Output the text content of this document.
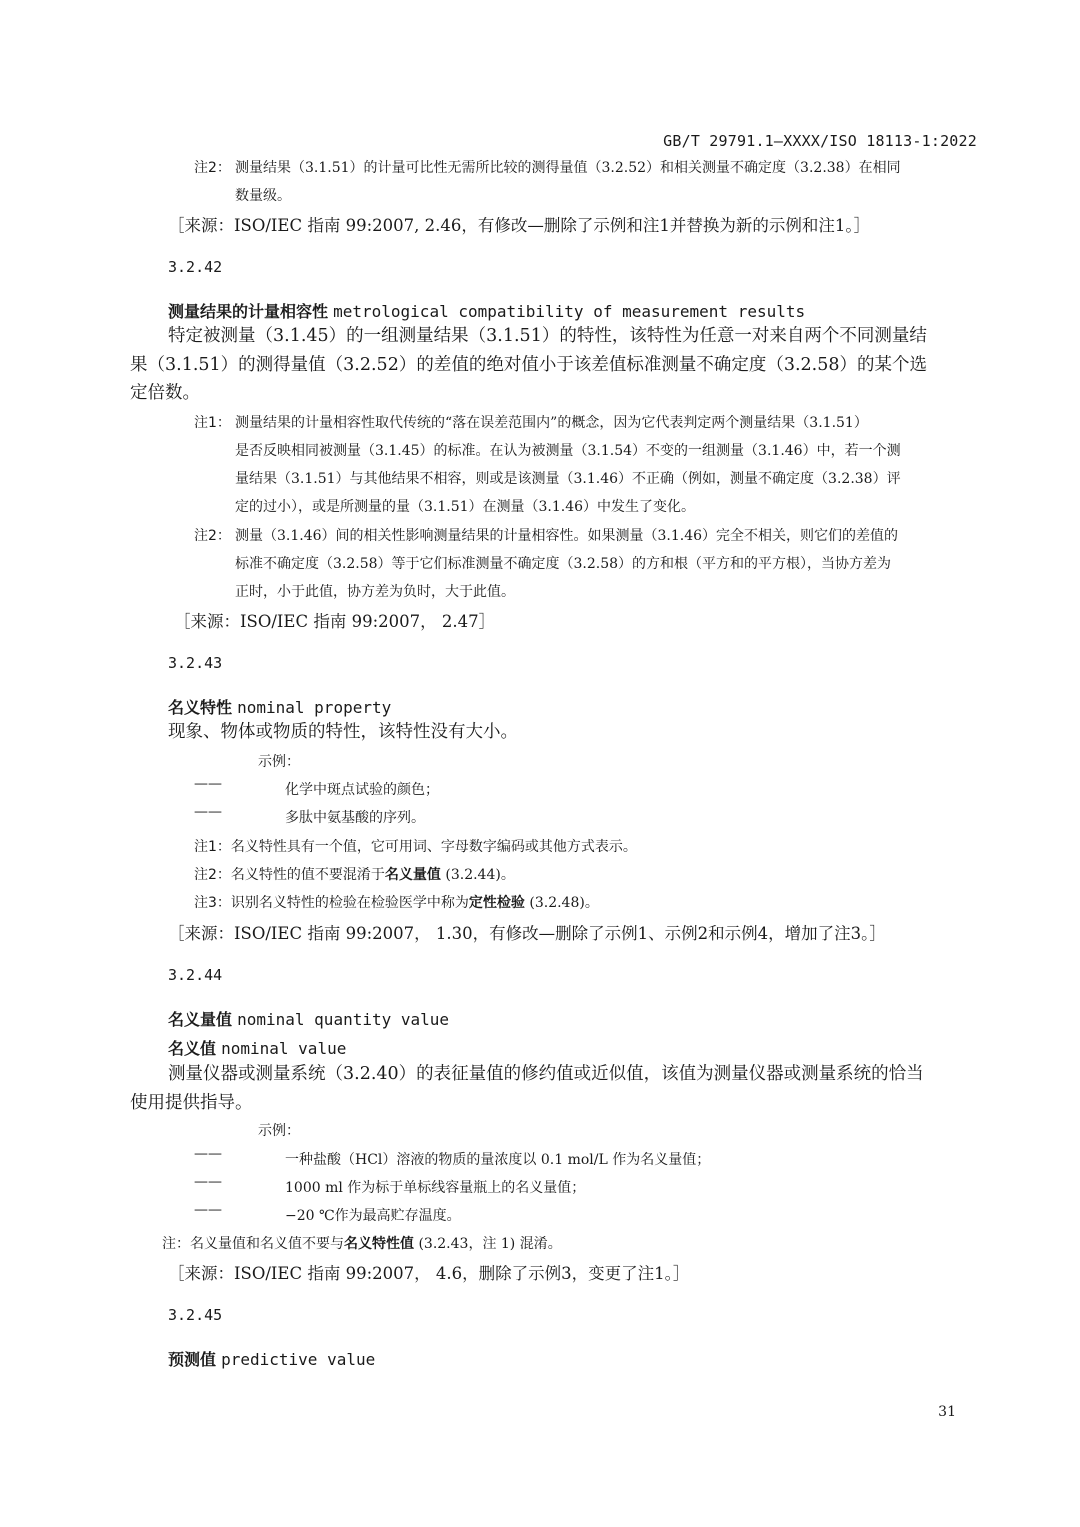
GB/T 29791.1—XXXX/ISO 18113-1:2022
注2： 测量结果（3.1.51）的计量可比性无需所比较的测得量值（3.2.52）和相关测量不确定度（3.2.38）在相同
数量级。
［来源：ISO/IEC 指南 99:2007, 2.46，有修改—删除了示例和注1并替换为新的示例和注1。］
3.2.42
测量结果的计量相容性 metrological compatibility of measurement results
特定被测量（3.1.45）的一组测量结果（3.1.51）的特性，该特性为任意一对来自两个不同测量结
果（3.1.51）的测得量值（3.2.52）的差值的绝对值小于该差值标准测量不确定度（3.2.58）的某个选
定倍数。
注1： 测量结果的计量相容性取代传统的“落在误差范围内”的概念，因为它代表判定两个测量结果（3.1.51）
是否反映相同被测量（3.1.45）的标准。在认为被测量（3.1.54）不变的一组测量（3.1.46）中，若一个测
量结果（3.1.51）与其他结果不相容，则或是该测量（3.1.46）不正确（例如，测量不确定度（3.2.38）评
定的过小），或是所测量的量（3.1.51）在测量（3.1.46）中发生了变化。
注2： 测量（3.1.46）间的相关性影响测量结果的计量相容性。如果测量（3.1.46）完全不相关，则它们的差值的
标准不确定度（3.2.58）等于它们标准测量不确定度（3.2.58）的方和根（平方和的平方根），当协方差为
正时，小于此值，协方差为负时，大于此值。
［来源：ISO/IEC 指南 99:2007， 2.47］
3.2.43
名义特性 nominal property
现象、物体或物质的特性，该特性没有大小。
示例：
——	化学中斑点试验的颜色；
——	多肽中氨基酸的序列。
注1：名义特性具有一个值，它可用词、字母数字编码或其他方式表示。
注2：名义特性的值不要混淆于名义量值 (3.2.44)。
注3：识别名义特性的检验在检验医学中称为定性检验 (3.2.48)。
［来源：ISO/IEC 指南 99:2007， 1.30，有修改—删除了示例1、示例2和示例4，增加了注3。］
3.2.44
名义量值 nominal quantity value
名义值 nominal value
测量仪器或测量系统（3.2.40）的表征量值的修约值或近似值，该值为测量仪器或测量系统的恰当
使用提供指导。
示例：
——	一种盐酸（HCl）溶液的物质的量浓度以 0.1 mol/L 作为名义量值；
——	1000 ml 作为标于单标线容量瓶上的名义量值；
——	−20 ℃作为最高贮存温度。
注：名义量值和名义值不要与名义特性值 (3.2.43，注 1) 混淆。
［来源：ISO/IEC 指南 99:2007， 4.6，删除了示例3，变更了注1。］
3.2.45
预测值 predictive value
31
